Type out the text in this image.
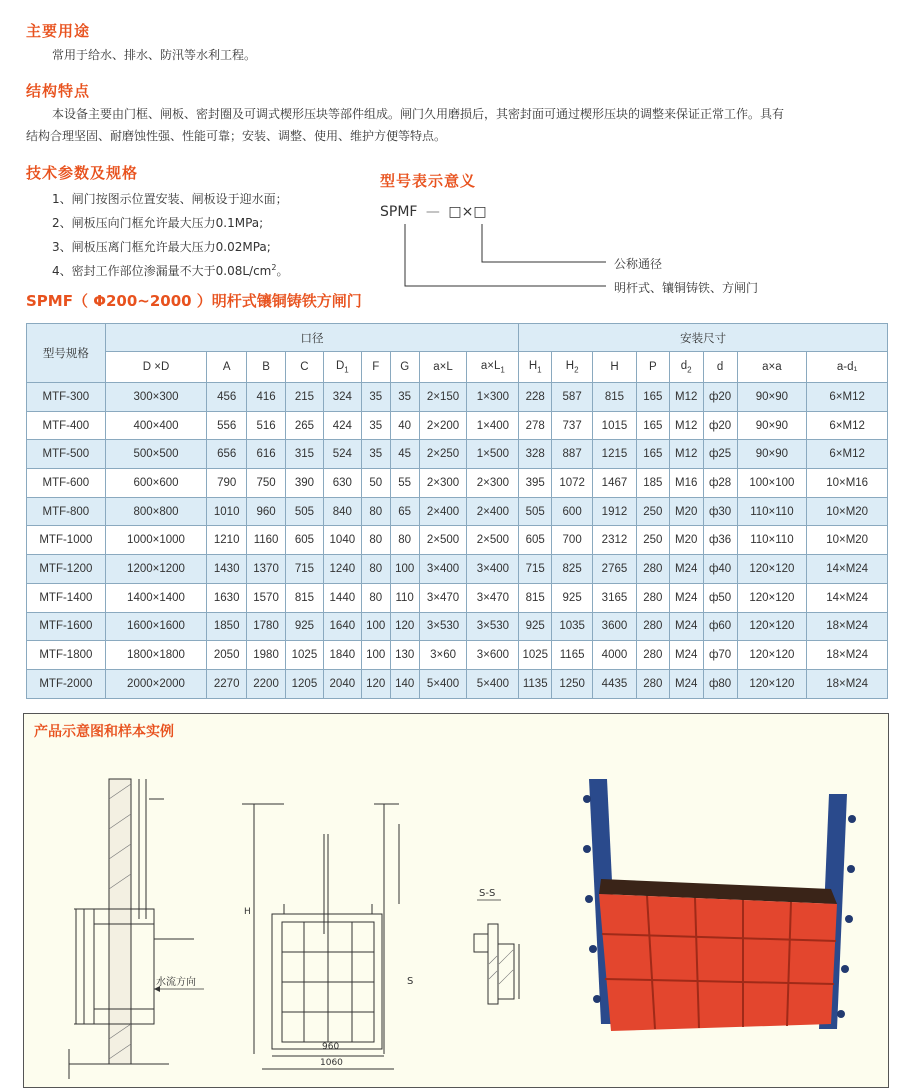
主要用途
常用于给水、排水、防汛等水利工程。
结构特点
本设备主要由门框、闸板、密封圈及可调式楔形压块等部件组成。闸门久用磨损后，其密封面可通过楔形压块的调整来保证正常工作。具有
结构合理坚固、耐磨蚀性强、性能可靠；安装、调整、使用、维护方便等特点。
技术参数及规格
1、闸门按图示位置安装、闸板设于迎水面；
2、闸板压向门框允许最大压力0.1MPa;
3、闸板压离门框允许最大压力0.02MPa;
4、密封工作部位渗漏量不大于$0.08L/cm^2$。
型号表示意义
SPMF — □×□
公称通径
明杆式、镶铜铸铁、方闸门
SPMF（ Φ200~2000 ）明杆式镶铜铸铁方闸门
型号规格	口径									安装尺寸							
	D ×D	A	B	C	$D_1$	F	G	a×L	$a\times L_1$	$H_1$	$H_2$	H	P	$d_2$	d	a×a	a-d₁
MTF-300	300×300	456	416	215	324	35	35	2×150	1×300	228	587	815	165	M12	ф20	90×90	6×M12
MTF-400	400×400	556	516	265	424	35	40	2×200	1×400	278	737	1015	165	M12	ф20	90×90	6×M12
MTF-500	500×500	656	616	315	524	35	45	2×250	1×500	328	887	1215	165	M12	ф25	90×90	6×M12
MTF-600	600×600	790	750	390	630	50	55	2×300	2×300	395	1072	1467	185	M16	ф28	100×100	10×M16
MTF-800	800×800	1010	960	505	840	80	65	2×400	2×400	505	600	1912	250	M20	ф30	110×110	10×M20
MTF-1000	1000×1000	1210	1160	605	1040	80	80	2×500	2×500	605	700	2312	250	M20	ф36	110×110	10×M20
MTF-1200	1200×1200	1430	1370	715	1240	80	100	3×400	3×400	715	825	2765	280	M24	ф40	120×120	14×M24
MTF-1400	1400×1400	1630	1570	815	1440	80	110	3×470	3×470	815	925	3165	280	M24	ф50	120×120	14×M24
MTF-1600	1600×1600	1850	1780	925	1640	100	120	3×530	3×530	925	1035	3600	280	M24	ф60	120×120	18×M24
MTF-1800	1800×1800	2050	1980	1025	1840	100	130	3×60	3×600	1025	1165	4000	280	M24	ф70	120×120	18×M24
MTF-2000	2000×2000	2270	2200	1205	2040	120	140	5×400	5×400	1135	1250	4435	280	M24	ф80	120×120	18×M24
产品示意图和样本实例
水流方向
960
1060
H
S
S-S
